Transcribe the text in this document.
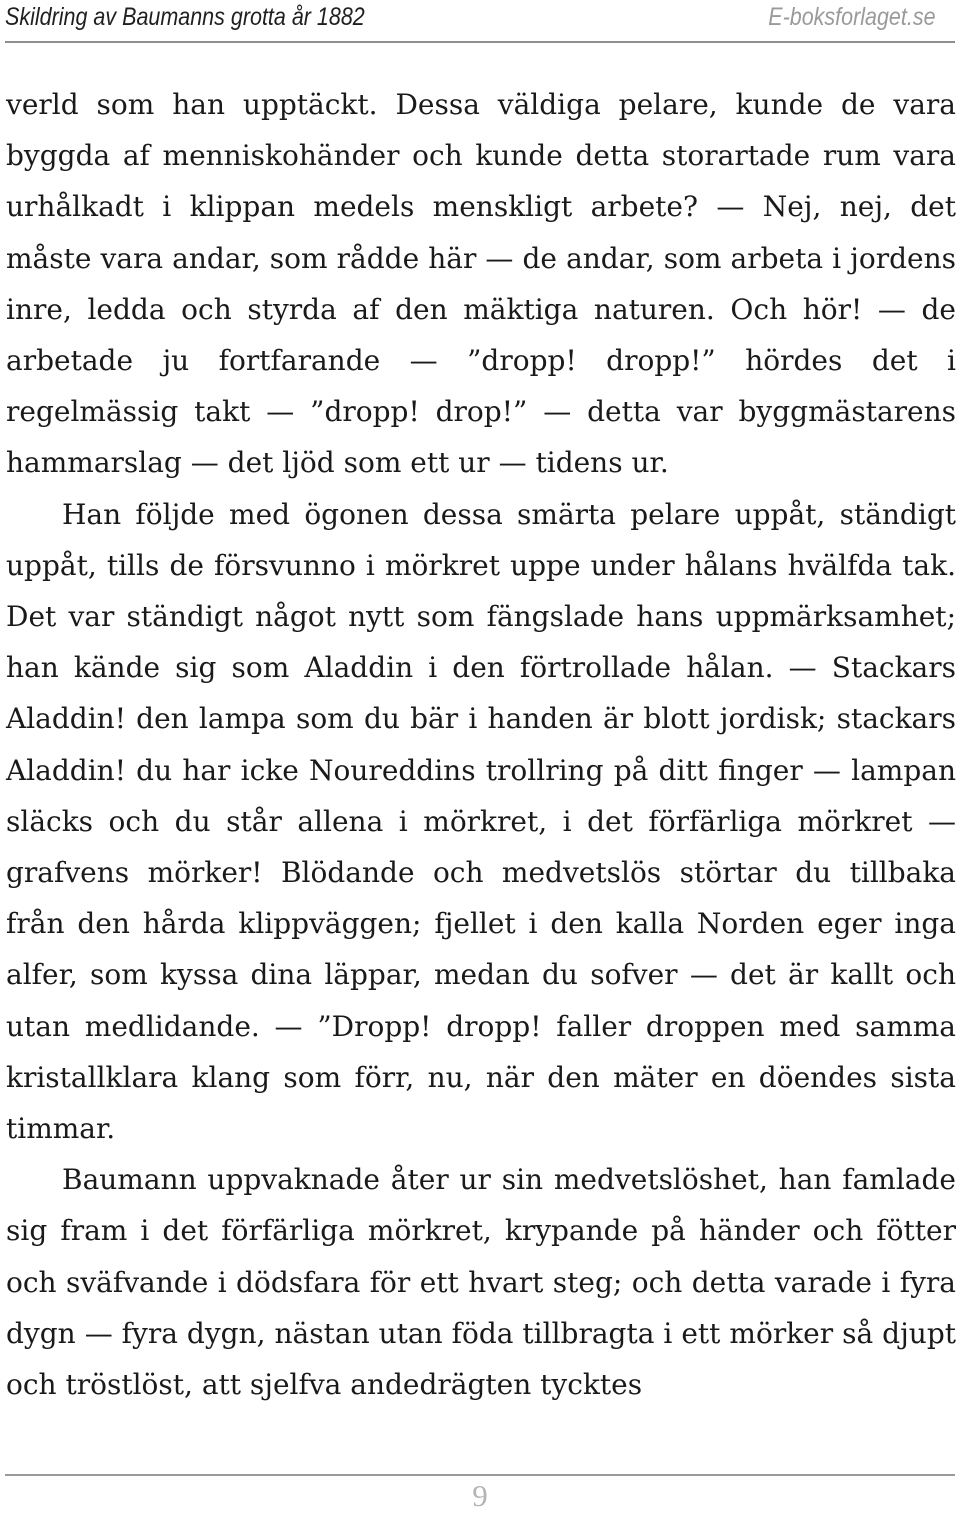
Skildring av Baumanns grotta år 1882	E-boksforlaget.se

verld som han upptäckt. Dessa väldiga pelare, kunde de vara byggda af menniskohänder och kunde detta storartade rum vara urhålkadt i klippan medels menskligt arbete? — Nej, nej, det måste vara andar, som rådde här — de andar, som arbeta i jordens inre, ledda och styrda af den mäktiga naturen. Och hör! — de arbetade ju fortfarande — ”dropp! dropp!” hördes det i regelmässig takt — ”dropp! drop!” — detta var byggmästarens hammarslag — det ljöd som ett ur — tidens ur.

Han följde med ögonen dessa smärta pelare uppåt, ständigt uppåt, tills de försvunno i mörkret uppe under hålans hvälfda tak. Det var ständigt något nytt som fängslade hans uppmärksamhet; han kände sig som Aladdin i den förtrollade hålan. — Stackars Aladdin! den lampa som du bär i handen är blott jordisk; stackars Aladdin! du har icke Noureddins trollring på ditt finger — lampan släcks och du står allena i mörkret, i det förfärliga mörkret — grafvens mörker! Blödande och medvetslös störtar du tillbaka från den hårda klippväggen; fjellet i den kalla Norden eger inga alfer, som kyssa dina läppar, medan du sofver — det är kallt och utan medlidande. — ”Dropp! dropp! faller droppen med samma kristallklara klang som förr, nu, när den mäter en döendes sista timmar.

Baumann uppvaknade åter ur sin medvetslöshet, han famlade sig fram i det förfärliga mörkret, krypande på händer och fötter och sväfvande i dödsfara för ett hvart steg; och detta varade i fyra dygn — fyra dygn, nästan utan föda tillbragta i ett mörker så djupt och tröstlöst, att sjelfva andedrägten tycktes

9
